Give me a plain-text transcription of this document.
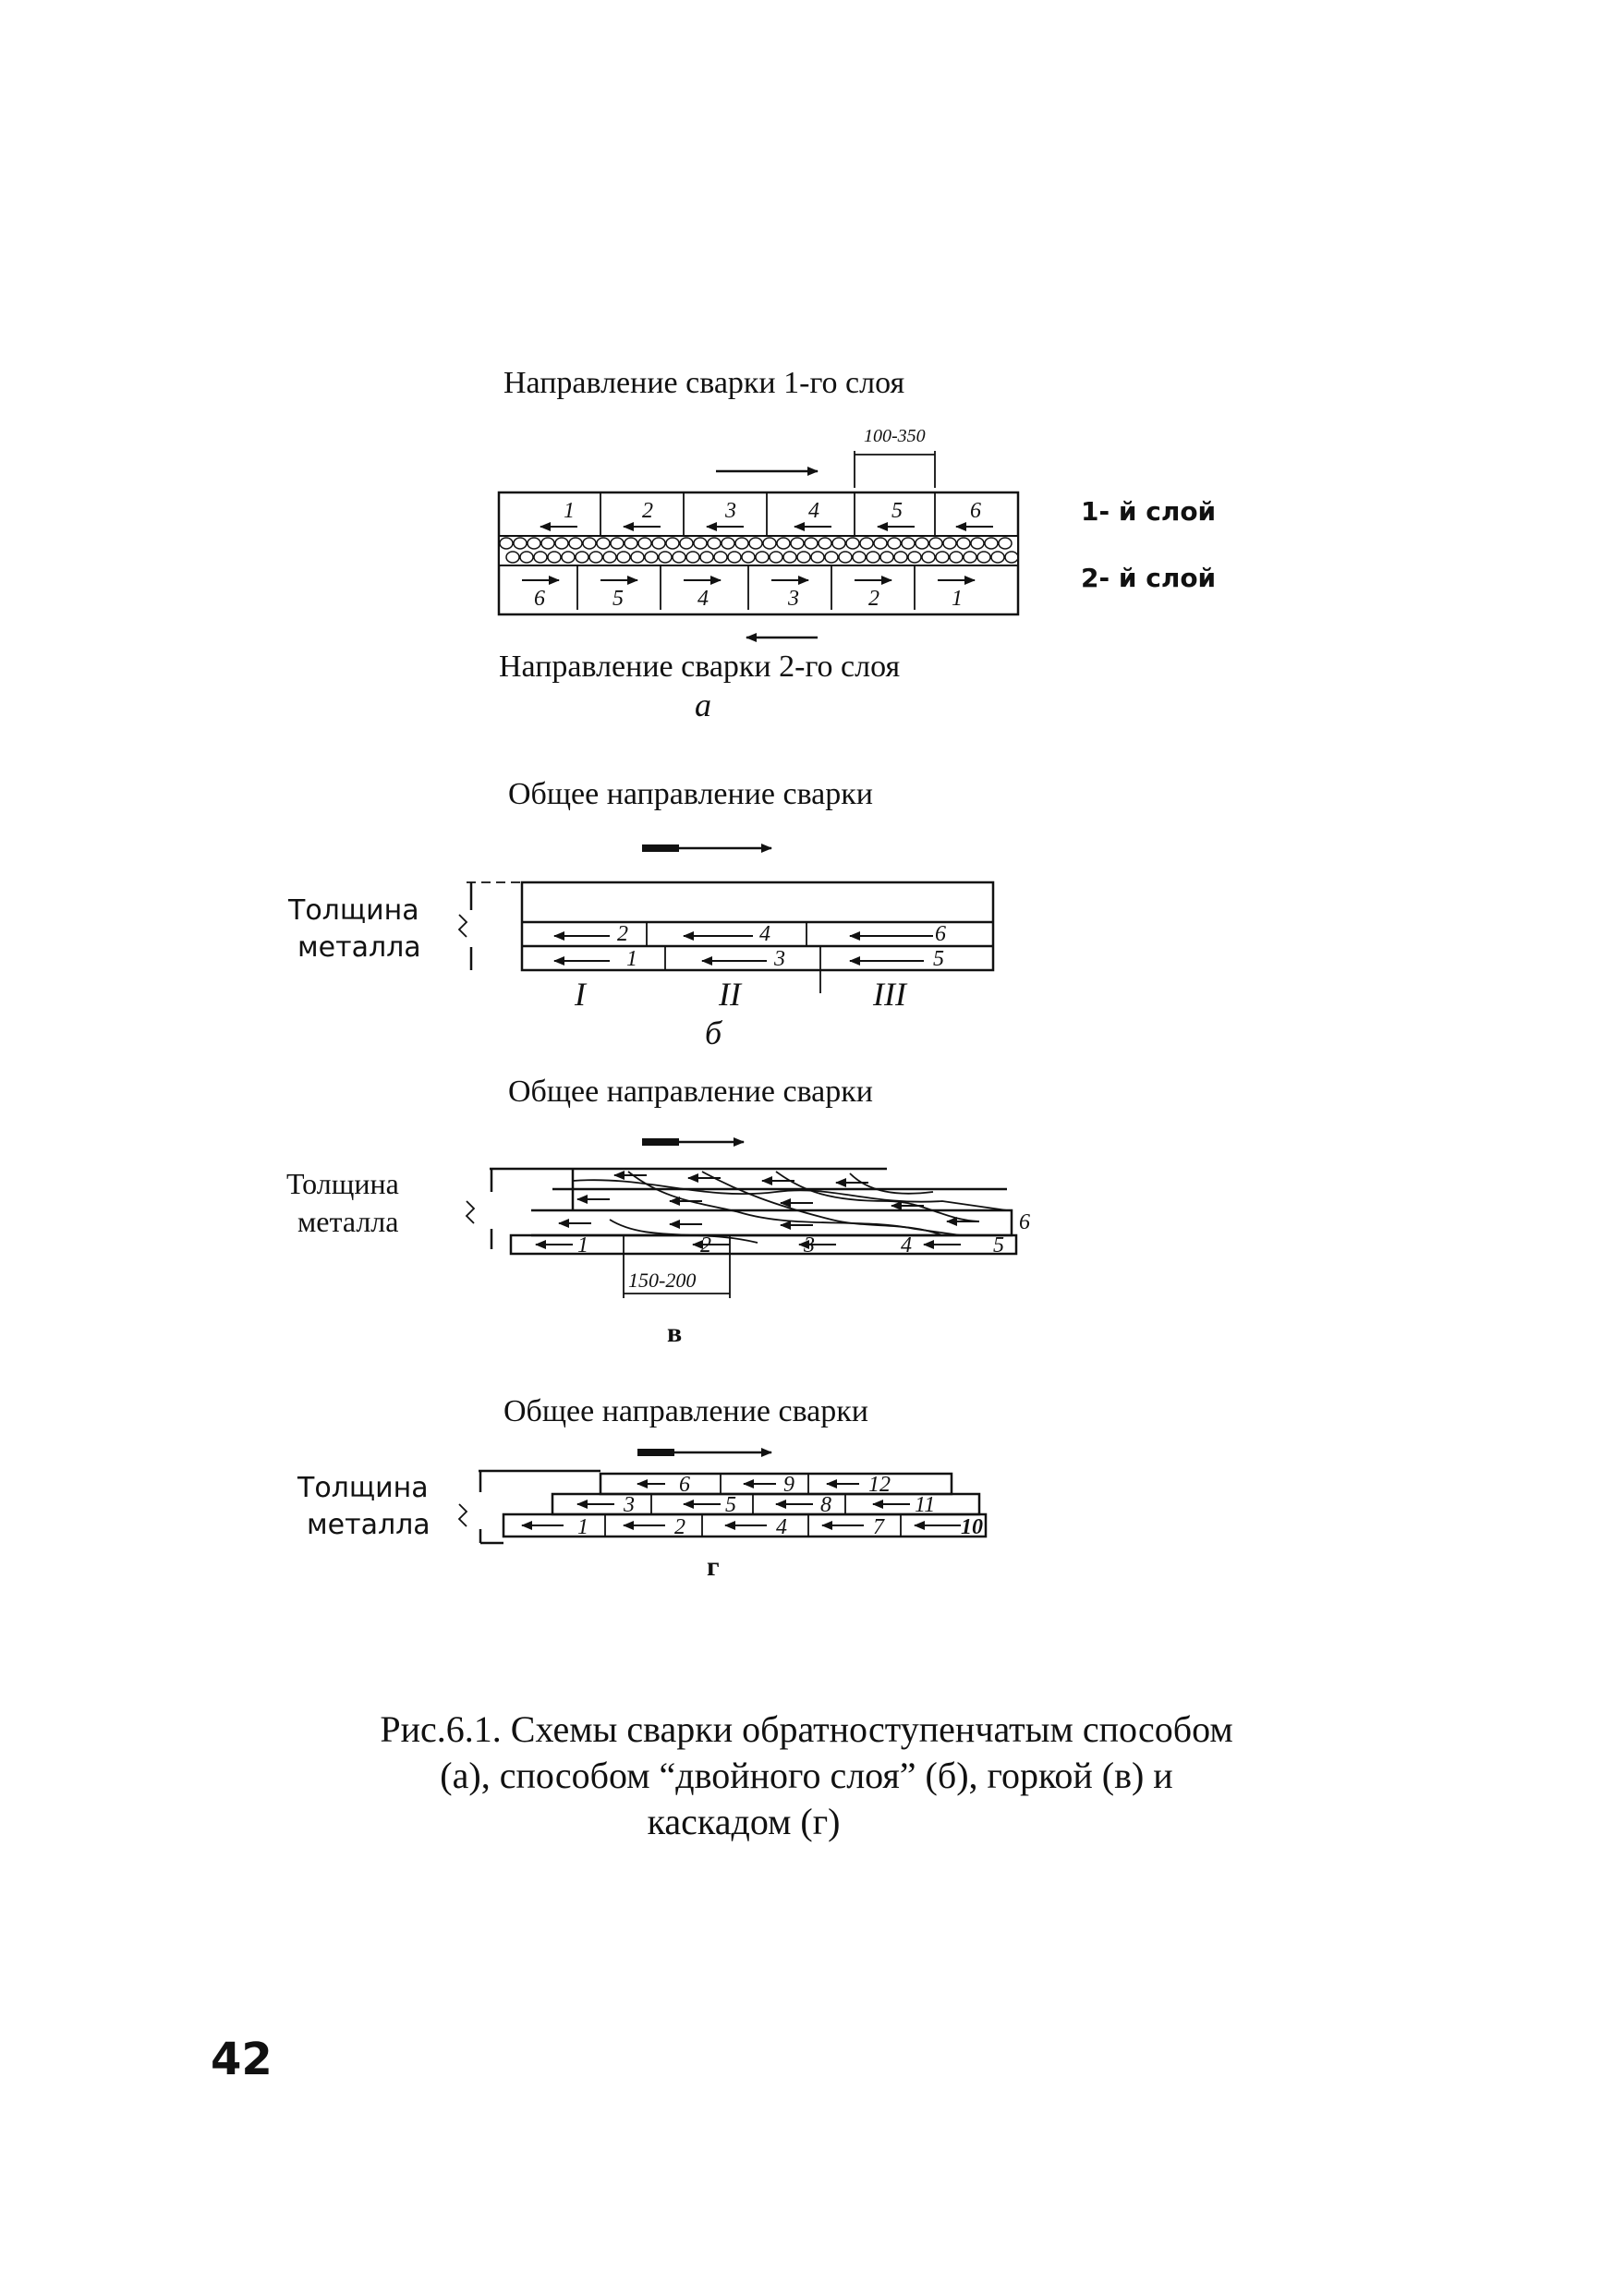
Направление сварки 1-го слоя
100-350
1	2	3	4	5	6
6	5	4	3	2	1
1- й слой
2- й слой
Направление сварки 2-го слоя
а
Общее направление сварки
Толщина
металла	2	4	6
1	3	5
I	II	III
б
Общее направление сварки
Толщина
металла
1	2	3	4	5
6
150-200
в
Общее направление сварки
Толщина
металла
6	9	12
3	5	8	11
1	2	4	7	10
г
Рис.6.1. Схемы сварки обратноступенчатым способом
(а), способом “двойного слоя” (б), горкой (в) и
каскадом (г)
42
